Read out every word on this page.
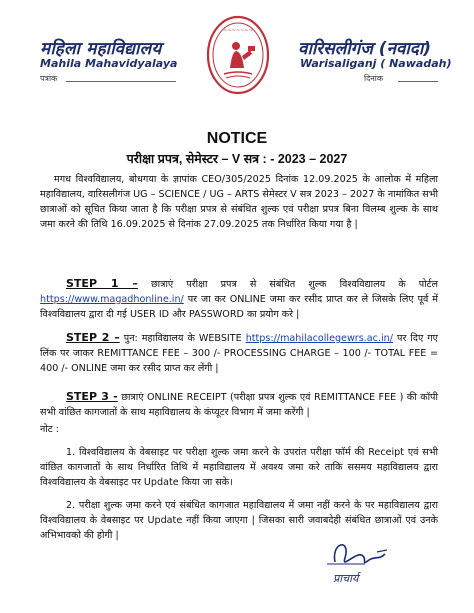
महिला महाविद्यालय
Mahila Mahavidyalaya
पत्रांक
~~~~~~~
वारिसलीगंज (नवादा)
Warisaliganj ( Nawadah)
दिनांक
NOTICE
परीक्षा प्रपत्र, सेमेस्टर – V सत्र : - 2023 – 2027
मगध विश्वविद्यालय, बोधगया के ज्ञापांक CEO/305/2025 दिनांक 12.09.2025 के आलोक में महिला महाविद्यालय, वारिसलीगंज UG – SCIENCE / UG – ARTS सेमेस्टर V सत्र 2023 – 2027 के नामांकित सभी छात्राओं को सूचित किया जाता है कि परीक्षा प्रपत्र से संबंधित शुल्क एवं परीक्षा प्रपत्र बिना विलम्ब शुल्क के साथ जमा करने की तिथि 16.09.2025 से दिनांक 27.09.2025 तक निर्धारित किया गया है |
STEP 1 – छात्राएं परीक्षा प्रपत्र से संबंधित शुल्क विश्वविद्यालय के पोर्टल https://www.magadhonline.in/ पर जा कर ONLINE जमा कर रसीद प्राप्त कर ले जिसके लिए पूर्व में विश्वविद्यालय द्वारा दी गई USER ID और PASSWORD का प्रयोग करे |
STEP 2 – पुन: महाविद्यालय के WEBSITE https://mahilacollegewrs.ac.in/ पर दिए गए लिंक पर जाकर REMITTANCE FEE – 300 /- PROCESSING CHARGE – 100 /- TOTAL FEE = 400 /- ONLINE जमा कर रसीद प्राप्त कर लेंगी |
STEP 3 - छात्राएं ONLINE RECEIPT (परीक्षा प्रपत्र शुल्क एवं REMITTANCE FEE ) की कॉपी सभी वांछित कागजातों के साथ महाविद्यालय के कंप्यूटर विभाग में जमा करेंगी |
नोट :
1. विश्वविद्यालय के वेबसाइट पर परीक्षा शुल्क जमा करने के उपरांत परीक्षा फॉर्म की Receipt एवं सभी वांछित कागजातों के साथ निर्धारित तिथि में महाविद्यालय में अवश्य जमा करे ताकि ससमय महाविद्यालय द्वारा विश्वविद्यालय के वेबसाइट पर Update किया जा सके।
2. परीक्षा शुल्क जमा करने एवं संबंधित कागजात महाविद्यालय में जमा नहीं करने के पर महाविद्यालय द्वारा विश्वविद्यालय के वेबसाइट पर Update नहीं किया जाएगा | जिसका सारी जवाबदेही संबंधित छात्राओं एवं उनके अभिभावको की होगी |
प्राचार्य
